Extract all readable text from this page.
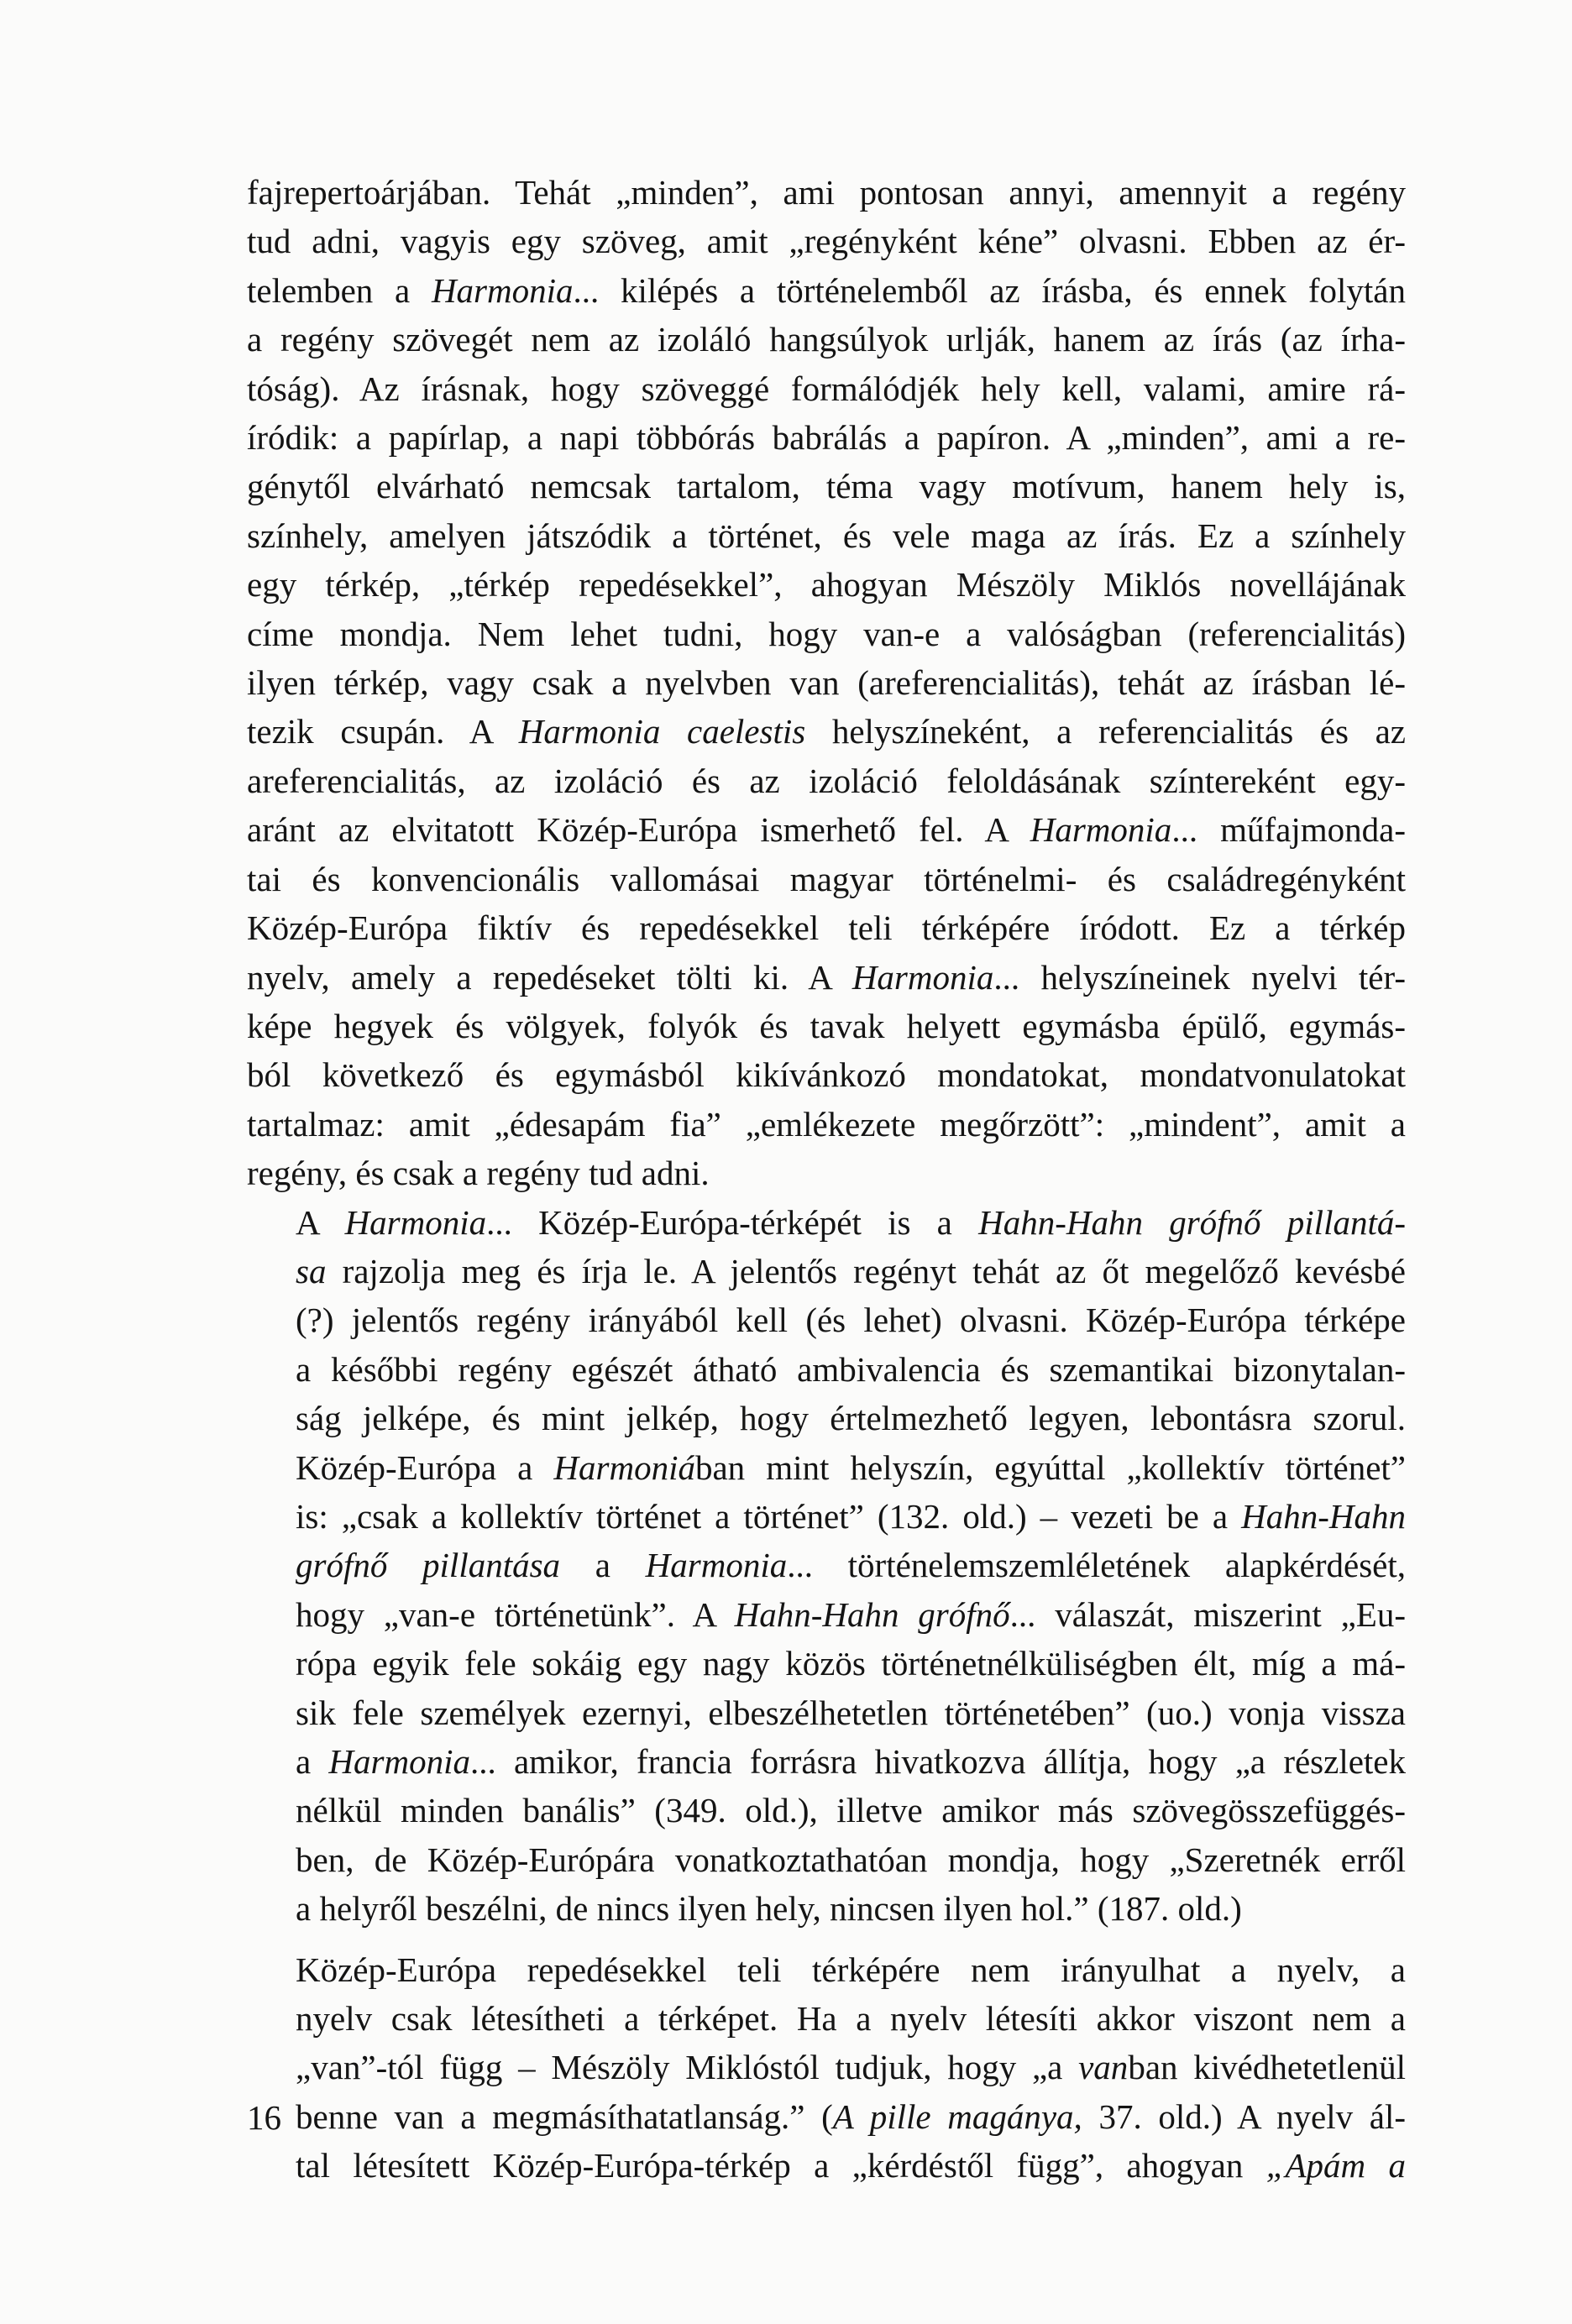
fajrepertoárjában. Tehát „minden”, ami pontosan annyi, amennyit a regény
tud adni, vagyis egy szöveg, amit „regényként kéne” olvasni. Ebben az ér-
telemben a Harmonia... kilépés a történelemből az írásba, és ennek folytán
a regény szövegét nem az izoláló hangsúlyok urlják, hanem az írás (az írha-
tóság). Az írásnak, hogy szöveggé formálódjék hely kell, valami, amire rá-
íródik: a papírlap, a napi többórás babrálás a papíron. A „minden”, ami a re-
génytől elvárható nemcsak tartalom, téma vagy motívum, hanem hely is,
színhely, amelyen játszódik a történet, és vele maga az írás. Ez a színhely
egy térkép, „térkép repedésekkel”, ahogyan Mészöly Miklós novellájának
címe mondja. Nem lehet tudni, hogy van-e a valóságban (referencialitás)
ilyen térkép, vagy csak a nyelvben van (areferencialitás), tehát az írásban lé-
tezik csupán. A Harmonia caelestis helyszíneként, a referencialitás és az
areferencialitás, az izoláció és az izoláció feloldásának színtereként egy-
aránt az elvitatott Közép-Európa ismerhető fel. A Harmonia... műfajmonda-
tai és konvencionális vallomásai magyar történelmi- és családregényként
Közép-Európa fiktív és repedésekkel teli térképére íródott. Ez a térkép
nyelv, amely a repedéseket tölti ki. A Harmonia... helyszíneinek nyelvi tér-
képe hegyek és völgyek, folyók és tavak helyett egymásba épülő, egymás-
ból következő és egymásból kikívánkozó mondatokat, mondatvonulatokat
tartalmaz: amit „édesapám fia” „emlékezete megőrzött”: „mindent”, amit a
regény, és csak a regény tud adni.

A Harmonia... Közép-Európa-térképét is a Hahn-Hahn grófnő pillantá-
sa rajzolja meg és írja le. A jelentős regényt tehát az őt megelőző kevésbé
(?) jelentős regény irányából kell (és lehet) olvasni. Közép-Európa térképe
a későbbi regény egészét átható ambivalencia és szemantikai bizonytalan-
ság jelképe, és mint jelkép, hogy értelmezhető legyen, lebontásra szorul.
Közép-Európa a Harmoniában mint helyszín, egyúttal „kollektív történet”
is: „csak a kollektív történet a történet” (132. old.) – vezeti be a Hahn-Hahn
grófnő pillantása a Harmonia... történelemszemléletének alapkérdését,
hogy „van-e történetünk”. A Hahn-Hahn grófnő... válaszát, miszerint „Eu-
rópa egyik fele sokáig egy nagy közös történetnélküliségben élt, míg a má-
sik fele személyek ezernyi, elbeszélhetetlen történetében” (uo.) vonja vissza
a Harmonia... amikor, francia forrásra hivatkozva állítja, hogy „a részletek
nélkül minden banális” (349. old.), illetve amikor más szövegösszefüggés-
ben, de Közép-Európára vonatkoztathatóan mondja, hogy „Szeretnék erről
a helyről beszélni, de nincs ilyen hely, nincsen ilyen hol.” (187. old.)

Közép-Európa repedésekkel teli térképére nem irányulhat a nyelv, a
nyelv csak létesítheti a térképet. Ha a nyelv létesíti akkor viszont nem a
„van”-tól függ – Mészöly Miklóstól tudjuk, hogy „a vanban kivédhetetlenül
benne van a megmásíthatatlanság.” (A pille magánya, 37. old.) A nyelv ál-
tal létesített Közép-Európa-térkép a „kérdéstől függ”, ahogyan „Apám a

16
